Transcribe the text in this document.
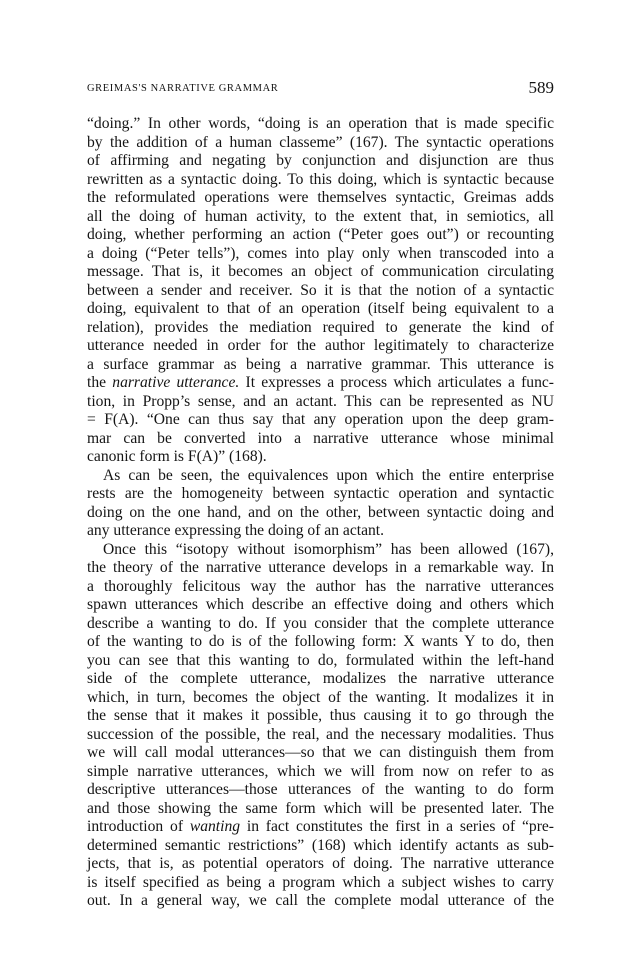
GREIMAS'S NARRATIVE GRAMMAR	589
“doing.” In other words, “doing is an operation that is made specific
by the addition of a human classeme” (167). The syntactic operations
of affirming and negating by conjunction and disjunction are thus
rewritten as a syntactic doing. To this doing, which is syntactic because
the reformulated operations were themselves syntactic, Greimas adds
all the doing of human activity, to the extent that, in semiotics, all
doing, whether performing an action (“Peter goes out”) or recounting
a doing (“Peter tells”), comes into play only when transcoded into a
message. That is, it becomes an object of communication circulating
between a sender and receiver. So it is that the notion of a syntactic
doing, equivalent to that of an operation (itself being equivalent to a
relation), provides the mediation required to generate the kind of
utterance needed in order for the author legitimately to characterize
a surface grammar as being a narrative grammar. This utterance is
the narrative utterance. It expresses a process which articulates a func-
tion, in Propp’s sense, and an actant. This can be represented as NU
= F(A). “One can thus say that any operation upon the deep gram-
mar can be converted into a narrative utterance whose minimal
canonic form is F(A)” (168).
As can be seen, the equivalences upon which the entire enterprise
rests are the homogeneity between syntactic operation and syntactic
doing on the one hand, and on the other, between syntactic doing and
any utterance expressing the doing of an actant.
Once this “isotopy without isomorphism” has been allowed (167),
the theory of the narrative utterance develops in a remarkable way. In
a thoroughly felicitous way the author has the narrative utterances
spawn utterances which describe an effective doing and others which
describe a wanting to do. If you consider that the complete utterance
of the wanting to do is of the following form: X wants Y to do, then
you can see that this wanting to do, formulated within the left-hand
side of the complete utterance, modalizes the narrative utterance
which, in turn, becomes the object of the wanting. It modalizes it in
the sense that it makes it possible, thus causing it to go through the
succession of the possible, the real, and the necessary modalities. Thus
we will call modal utterances—so that we can distinguish them from
simple narrative utterances, which we will from now on refer to as
descriptive utterances—those utterances of the wanting to do form
and those showing the same form which will be presented later. The
introduction of wanting in fact constitutes the first in a series of “pre-
determined semantic restrictions” (168) which identify actants as sub-
jects, that is, as potential operators of doing. The narrative utterance
is itself specified as being a program which a subject wishes to carry
out. In a general way, we call the complete modal utterance of the
